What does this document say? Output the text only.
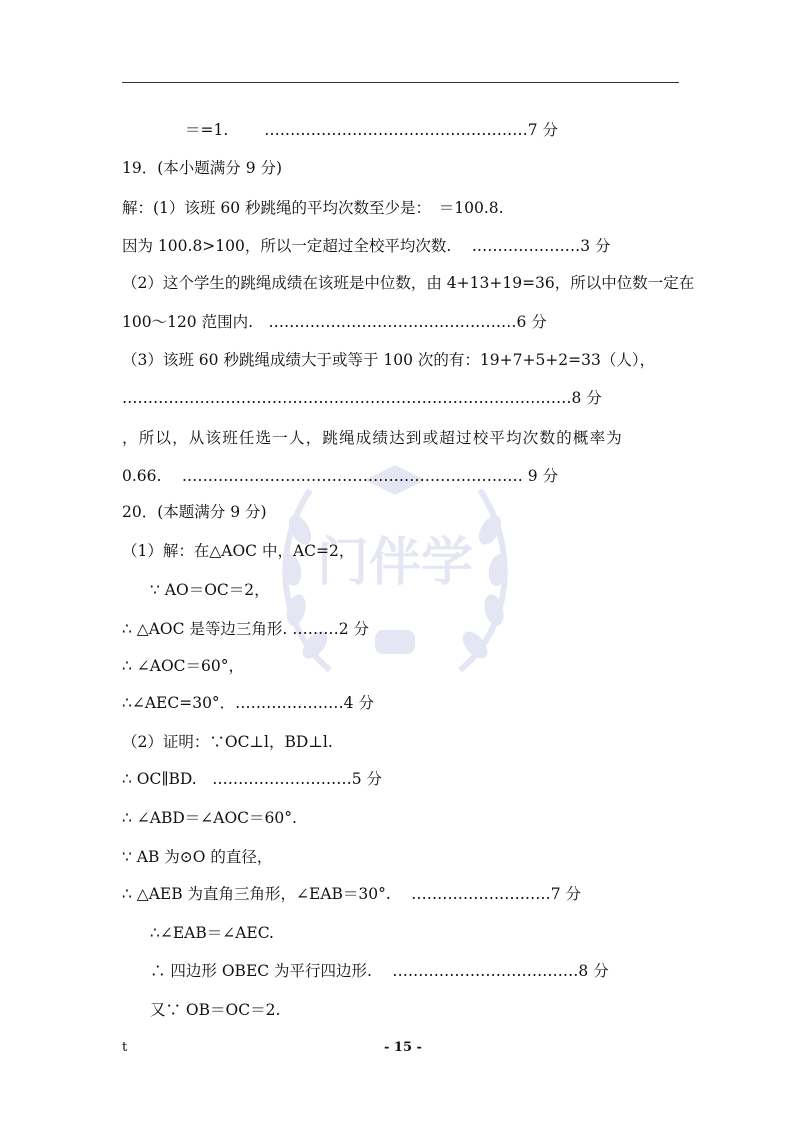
门伴学
＝=1.　　 ……………………………………………7 分
19．(本小题满分 9 分)
解：(1）该班 60 秒跳绳的平均次数至少是：　＝100.8.
因为 100.8>100，所以一定超过全校平均次数.　 …………………3 分
（2）这个学生的跳绳成绩在该班是中位数，由 4+13+19=36，所以中位数一定在
100～120 范围内.　…………………………………………6 分
（3）该班 60 秒跳绳成绩大于或等于 100 次的有：19+7+5+2=33（人），
……………………………………………………………………………8 分
，所以，从该班任选一人，跳绳成绩达到或超过校平均次数的概率为
0.66.　 ………………………………………………………… 9 分
20．(本题满分 9 分)
（1）解：在△AOC 中，AC=2，
∵ AO＝OC＝2，
∴ △AOC 是等边三角形. ………2 分
∴ ∠AOC＝60°，
∴∠AEC=30°．…………………4 分
（2）证明：∵OC⊥l，BD⊥l.
∴ OC∥BD.　………………………5 分
∴ ∠ABD＝∠AOC＝60°.
∵ AB 为⊙O 的直径，
∴ △AEB 为直角三角形，∠EAB＝30°.　 ………………………7 分
∴∠EAB＝∠AEC.
∴ 四边形 OBEC 为平行四边形.　 ………………………………8 分
又∵ OB＝OC＝2.
t	- 15 -
